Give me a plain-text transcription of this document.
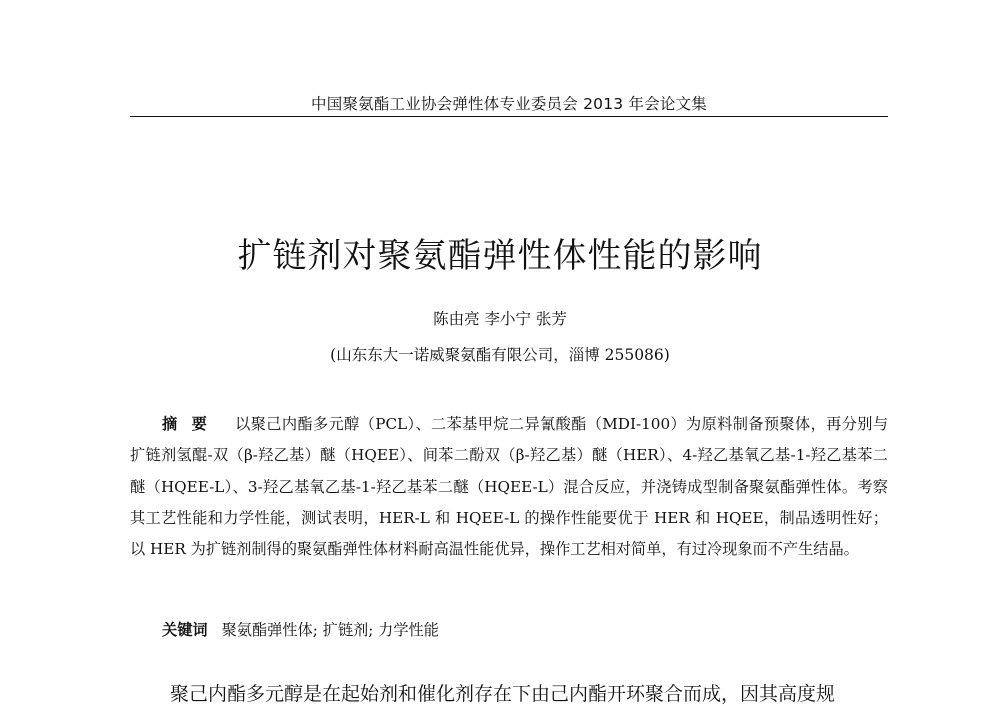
中国聚氨酯工业协会弹性体专业委员会 2013 年会论文集
扩链剂对聚氨酯弹性体性能的影响
陈由亮 李小宁 张芳
(山东东大一诺威聚氨酯有限公司，淄博 255086)
摘要 以聚己内酯多元醇（PCL）、二苯基甲烷二异氰酸酯（MDI-100）为原料制备预聚体，再分别与扩链剂氢醌-双（β-羟乙基）醚（HQEE）、间苯二酚双（β-羟乙基）醚（HER）、4-羟乙基氧乙基-1-羟乙基苯二醚（HQEE-L）、3-羟乙基氧乙基-1-羟乙基苯二醚（HQEE-L）混合反应，并浇铸成型制备聚氨酯弹性体。考察其工艺性能和力学性能，测试表明，HER-L 和 HQEE-L 的操作性能要优于 HER 和 HQEE，制品透明性好；以 HER 为扩链剂制得的聚氨酯弹性体材料耐高温性能优异，操作工艺相对简单，有过冷现象而不产生结晶。
关键词 聚氨酯弹性体; 扩链剂; 力学性能
聚己内酯多元醇是在起始剂和催化剂存在下由己内酯开环聚合而成，因其高度规
